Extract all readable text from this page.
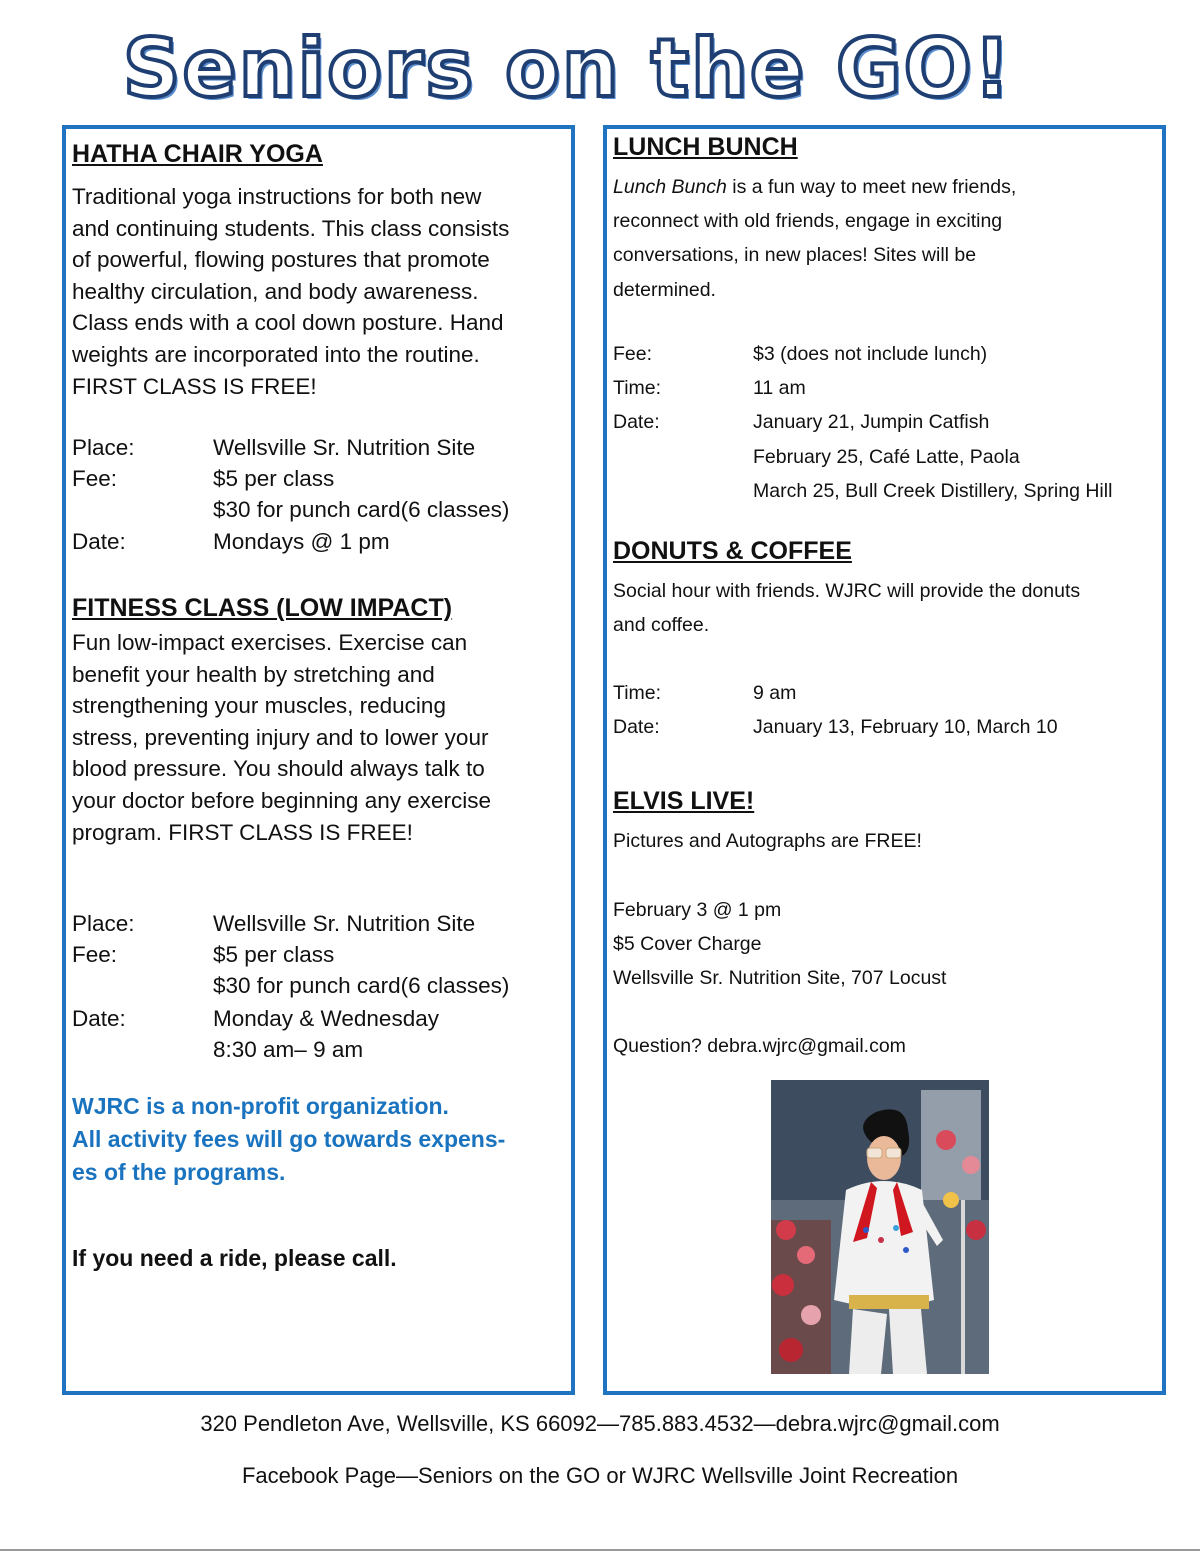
Seniors on the GO!
HATHA CHAIR YOGA
Traditional yoga instructions for both new
and continuing students. This class consists
of powerful, flowing postures that promote
healthy circulation, and body awareness.
Class ends with a cool down posture. Hand
weights are incorporated into the routine.
FIRST CLASS IS FREE!
Place:	Wellsville Sr. Nutrition Site
Fee:	$5 per class
$30 for punch card(6 classes)
Date:	Mondays @ 1 pm
FITNESS CLASS (LOW IMPACT)
Fun low-impact exercises. Exercise can
benefit your health by stretching and
strengthening your muscles, reducing
stress, preventing injury and to lower your
blood pressure. You should always talk to
your doctor before beginning any exercise
program. FIRST CLASS IS FREE!
Place:	Wellsville Sr. Nutrition Site
Fee:	$5 per class
$30 for punch card(6 classes)
Date:	Monday & Wednesday
8:30 am– 9 am
WJRC is a non-profit organization.
All activity fees will go towards expens-
es of the programs.
If you need a ride, please call.
LUNCH BUNCH
Lunch Bunch is a fun way to meet new friends,
reconnect with old friends, engage in exciting
conversations, in new places! Sites will be
determined.
Fee:	$3 (does not include lunch)
Time:	11 am
Date:	January 21, Jumpin Catfish
February 25, Café Latte, Paola
March 25, Bull Creek Distillery, Spring Hill
DONUTS & COFFEE
Social hour with friends. WJRC will provide the donuts
and coffee.
Time:	9 am
Date:	January 13, February 10, March 10
ELVIS LIVE!
Pictures and Autographs are FREE!
February 3 @ 1 pm
$5 Cover Charge
Wellsville Sr. Nutrition Site, 707 Locust
Question? debra.wjrc@gmail.com
320 Pendleton Ave, Wellsville, KS 66092—785.883.4532—debra.wjrc@gmail.com
Facebook Page—Seniors on the GO or WJRC Wellsville Joint Recreation
